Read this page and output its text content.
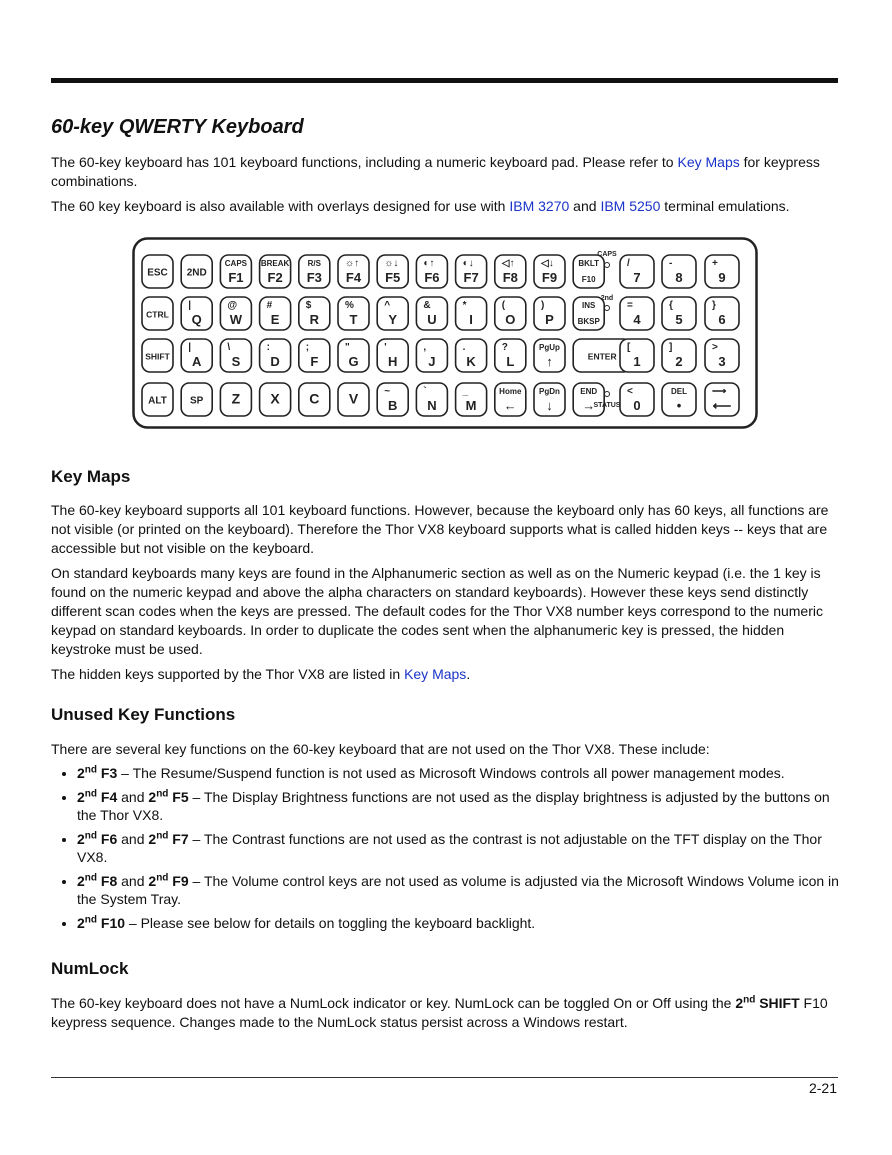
60-key QWERTY Keyboard

The 60-key keyboard has 101 keyboard functions, including a numeric keyboard pad. Please refer to Key Maps for keypress combinations.

The 60 key keyboard is also available with overlays designed for use with IBM 3270 and IBM 5250 terminal emulations.

ESC 2ND
CAPS
F1
BREAK
F2
R/S
F3
☼↑
F4
☼↓
F5
◐↑
F6
◐↓
F7
◁↑
F8
◁↓
F9
BKLT
F10
CTRL
|
Q
@
W
#
E
$
R
%
T
^
Y
&
U
*
I
(
O
)
P
INS
BKSP
SHIFT
|
A
\
S
:
D
;
F
"
G
'
H
,
J
.
K
?
L
PgUp
↑	ENTER
ALT SP Z X C V	~
B
`
N
_
M
Home
←
PgDn
↓
END
→
/
7
-
8
+
9
=
4
{
5
}
6
[
1
]
2
>
3
<
0
DEL
•
⟶
⟵
CAPS
2nd
STATUS
Key Maps

The 60-key keyboard supports all 101 keyboard functions. However, because the keyboard only has 60 keys, all functions are not visible (or printed on the keyboard). Therefore the Thor VX8 keyboard supports what is called hidden keys -- keys that are accessible but not visible on the keyboard.

On standard keyboards many keys are found in the Alphanumeric section as well as on the Numeric keypad (i.e. the 1 key is found on the numeric keypad and above the alpha characters on standard keyboards). However these keys send distinctly different scan codes when the keys are pressed. The default codes for the Thor VX8 number keys correspond to the numeric keypad on standard keyboards. In order to duplicate the codes sent when the alphanumeric key is pressed, the hidden keystroke must be used.

The hidden keys supported by the Thor VX8 are listed in Key Maps.

Unused Key Functions

There are several key functions on the 60-key keyboard that are not used on the Thor VX8. These include:

• 2nd F3 – The Resume/Suspend function is not used as Microsoft Windows controls all power management modes.
• 2nd F4 and 2nd F5 – The Display Brightness functions are not used as the display brightness is adjusted by the buttons on the Thor VX8.
• 2nd F6 and 2nd F7 – The Contrast functions are not used as the contrast is not adjustable on the TFT display on the Thor VX8.
• 2nd F8 and 2nd F9 – The Volume control keys are not used as volume is adjusted via the Microsoft Windows Volume icon in the System Tray.
• 2nd F10 – Please see below for details on toggling the keyboard backlight.
NumLock

The 60-key keyboard does not have a NumLock indicator or key. NumLock can be toggled On or Off using the 2nd SHIFT F10 keypress sequence. Changes made to the NumLock status persist across a Windows restart.

2-21
